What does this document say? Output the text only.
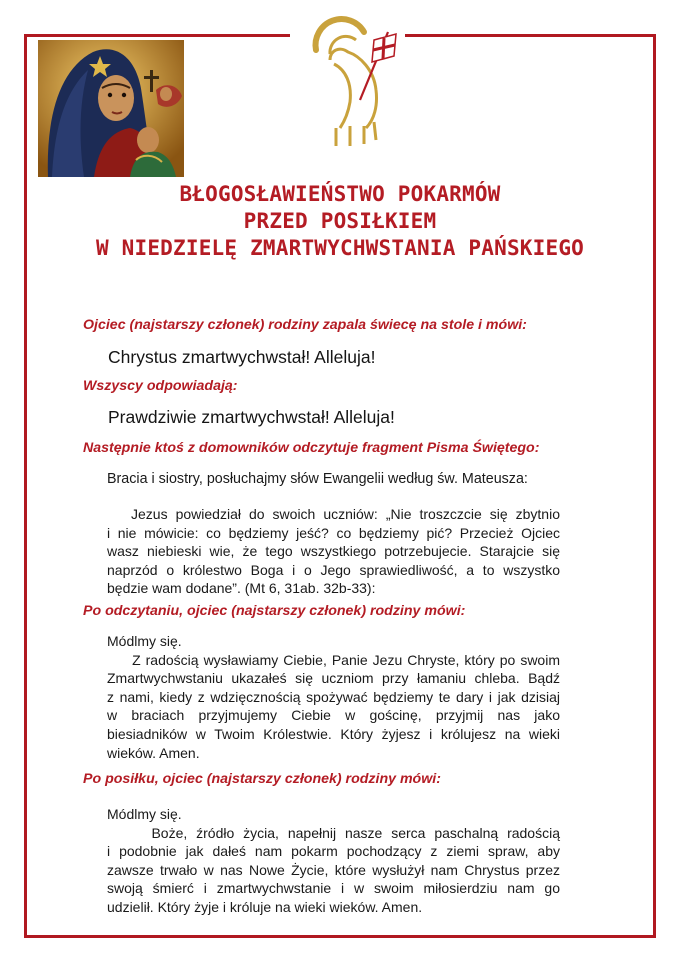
BŁOGOSŁAWIEŃSTWO POKARMÓW
PRZED POSIŁKIEM
W NIEDZIELĘ ZMARTWYCHWSTANIA PAŃSKIEGO
Ojciec (najstarszy członek) rodziny zapala świecę na stole i mówi:
Chrystus zmartwychwstał! Alleluja!
Wszyscy odpowiadają:
Prawdziwie zmartwychwstał! Alleluja!
Następnie ktoś z domowników odczytuje fragment Pisma Świętego:
Bracia i siostry, posłuchajmy słów Ewangelii według św. Mateusza:
Jezus powiedział do swoich uczniów: „Nie troszczcie się zbytnio
i nie mówicie: co będziemy jeść? co będziemy pić? Przecież Ojciec
wasz niebieski wie, że tego wszystkiego potrzebujecie. Starajcie się
naprzód o królestwo Boga i o Jego sprawiedliwość, a to wszystko
będzie wam dodane”. (Mt 6, 31ab. 32b-33):
Po odczytaniu, ojciec (najstarszy członek) rodziny mówi:
Módlmy się.
Z radością wysławiamy Ciebie, Panie Jezu Chryste, który po swoim
Zmartwychwstaniu ukazałeś się uczniom przy łamaniu chleba. Bądź
z nami, kiedy z wdzięcznością spożywać będziemy te dary i jak dzisiaj
w braciach przyjmujemy Ciebie w gościnę, przyjmij nas jako
biesiadników w Twoim Królestwie. Który żyjesz i królujesz na wieki
wieków. Amen.
Po posiłku, ojciec (najstarszy członek) rodziny mówi:
Módlmy się.
Boże, źródło życia, napełnij nasze serca paschalną radością
i podobnie jak dałeś nam pokarm pochodzący z ziemi spraw, aby
zawsze trwało w nas Nowe Życie, które wysłużył nam Chrystus przez
swoją śmierć i zmartwychwstanie i w swoim miłosierdziu nam go
udzielił. Który żyje i króluje na wieki wieków. Amen.
